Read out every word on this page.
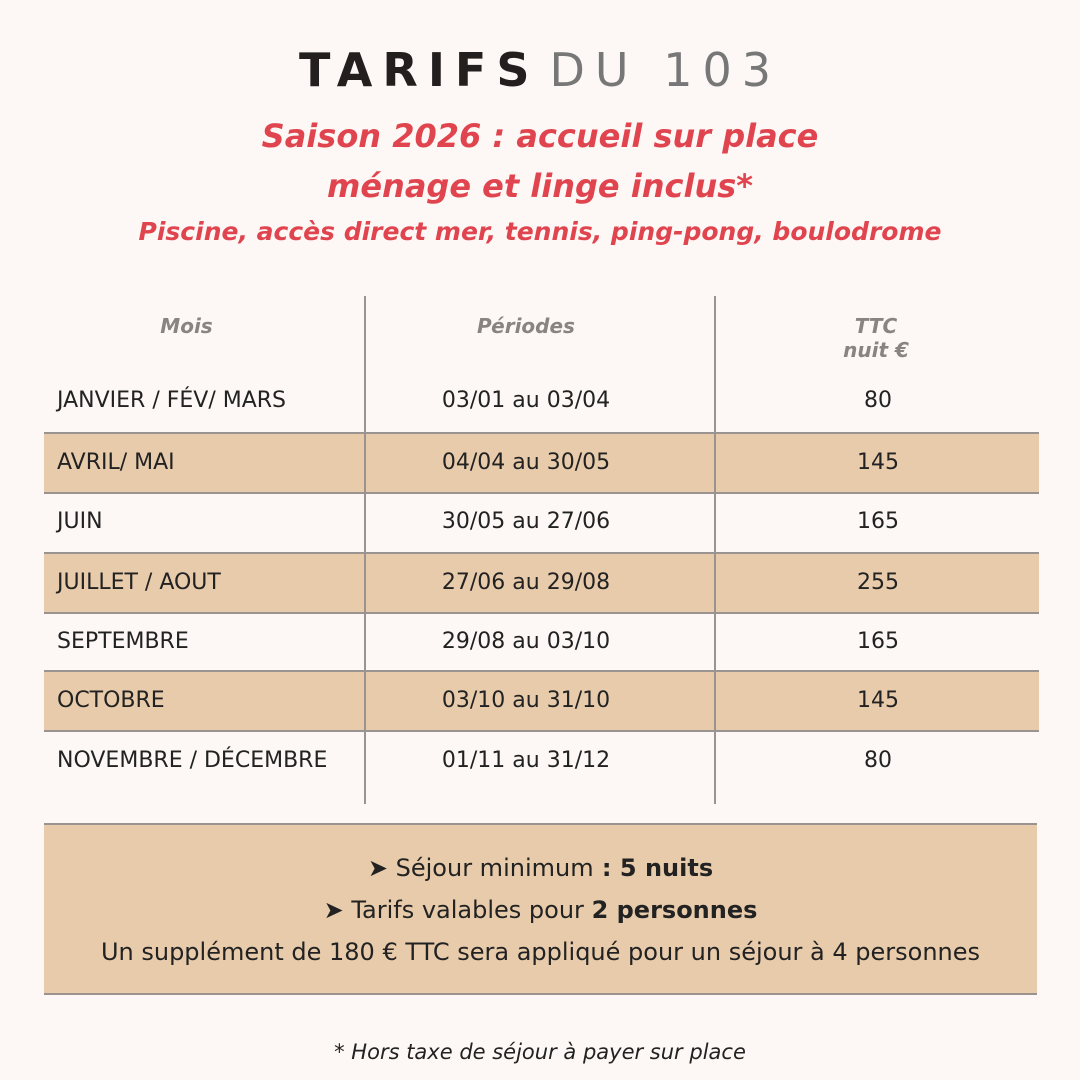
TARIFS DU 103
Saison 2026 : accueil sur place
ménage et linge inclus*
Piscine, accès direct mer, tennis, ping-pong, boulodrome
Mois	Périodes	TTC
nuit €
JANVIER / FÉV/ MARS	03/01 au 03/04	80
AVRIL/ MAI	04/04 au 30/05	145
JUIN	30/05 au 27/06	165
JUILLET / AOUT	27/06 au 29/08	255
SEPTEMBRE	29/08 au 03/10	165
OCTOBRE	03/10 au 31/10	145
NOVEMBRE / DÉCEMBRE	01/11 au 31/12	80
➤ Séjour minimum : 5 nuits
➤ Tarifs valables pour 2 personnes
Un supplément de 180 € TTC sera appliqué pour un séjour à 4 personnes
* Hors taxe de séjour à payer sur place
